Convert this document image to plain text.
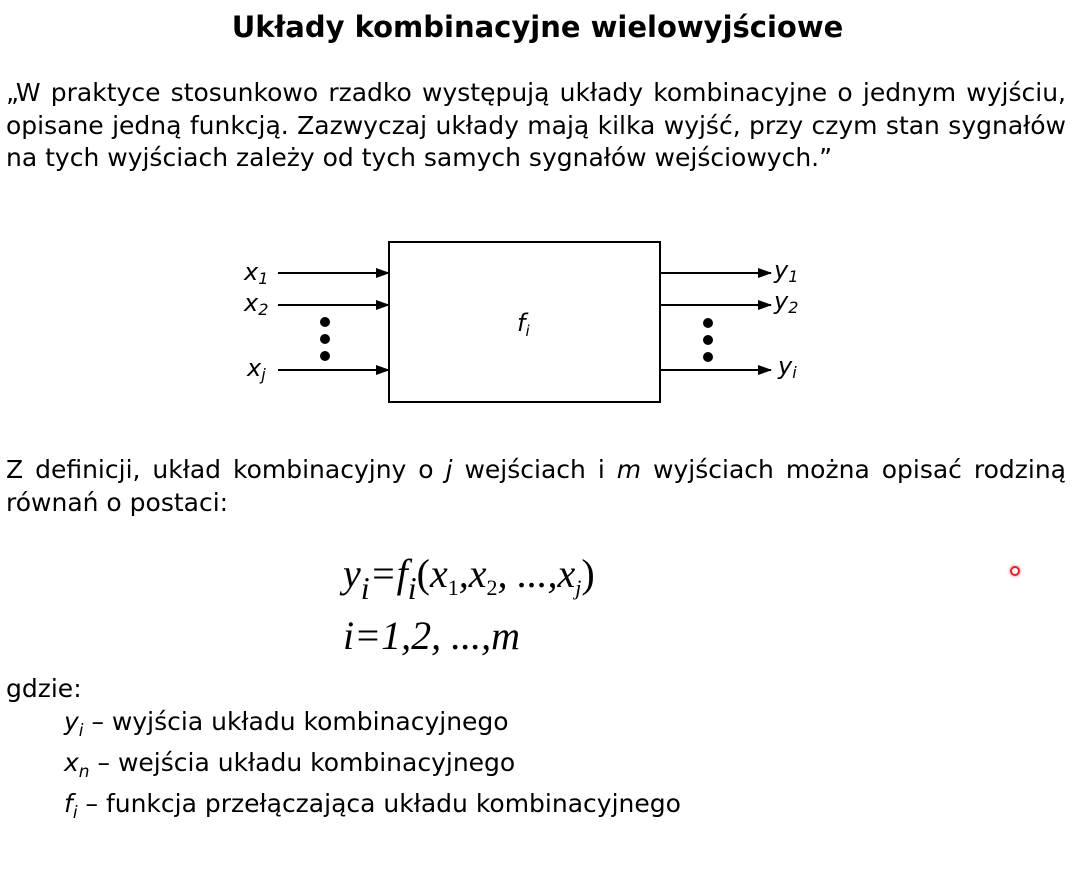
Układy kombinacyjne wielowyjściowe
„W praktyce stosunkowo rzadko występują układy kombinacyjne o jednym wyjściu, opisane jedną funkcją. Zazwyczaj układy mają kilka wyjść, przy czym stan sygnałów na tych wyjściach zależy od tych samych sygnałów wejściowych.”
$f_i$
x1
x2
xj
y1
y2
yi
Z definicji, układ kombinacyjny o j wejściach i m wyjściach można opisać rodziną równań o postaci:
$y_i=f_i(x_1,x_2$, $...,x_j$)
i=1,2, ...,m
gdzie:
$y_i$ – wyjścia układu kombinacyjnego
$x_n$ – wejścia układu kombinacyjnego
$f_i$ – funkcja przełączająca układu kombinacyjnego
